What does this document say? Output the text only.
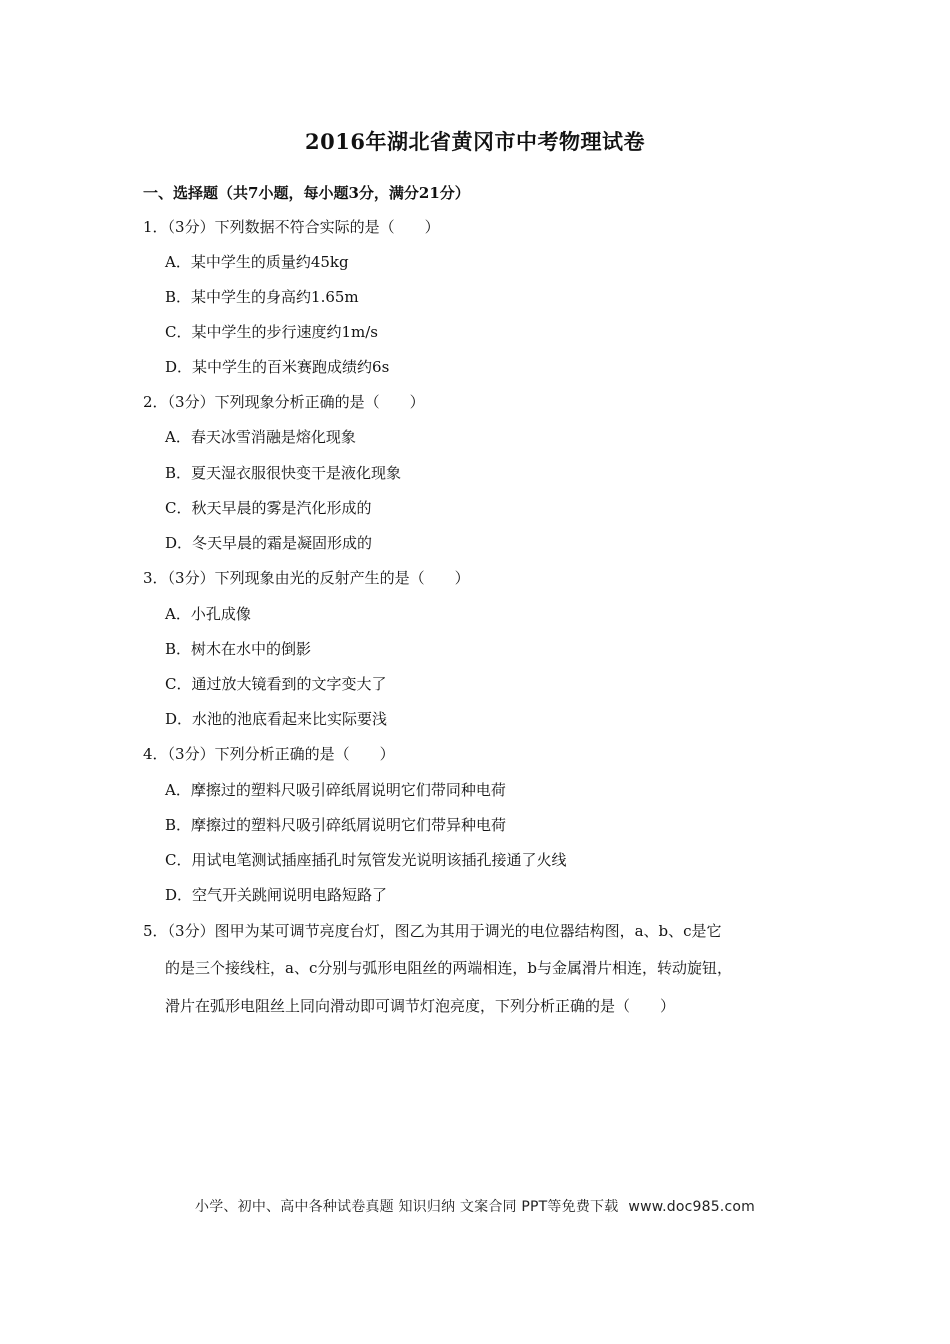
2016年湖北省黄冈市中考物理试卷
一、选择题（共7小题，每小题3分，满分21分）
1．（3分）下列数据不符合实际的是（　　）
A．某中学生的质量约45kg
B．某中学生的身高约1.65m
C．某中学生的步行速度约1m/s
D．某中学生的百米赛跑成绩约6s
2．（3分）下列现象分析正确的是（　　）
A．春天冰雪消融是熔化现象
B．夏天湿衣服很快变干是液化现象
C．秋天早晨的雾是汽化形成的
D．冬天早晨的霜是凝固形成的
3．（3分）下列现象由光的反射产生的是（　　）
A．小孔成像
B．树木在水中的倒影
C．通过放大镜看到的文字变大了
D．水池的池底看起来比实际要浅
4．（3分）下列分析正确的是（　　）
A．摩擦过的塑料尺吸引碎纸屑说明它们带同种电荷
B．摩擦过的塑料尺吸引碎纸屑说明它们带异种电荷
C．用试电笔测试插座插孔时氖管发光说明该插孔接通了火线
D．空气开关跳闸说明电路短路了
5．（3分）图甲为某可调节亮度台灯，图乙为其用于调光的电位器结构图，a、b、c是它
的是三个接线柱，a、c分别与弧形电阻丝的两端相连，b与金属滑片相连，转动旋钮，
滑片在弧形电阻丝上同向滑动即可调节灯泡亮度，下列分析正确的是（　　）
小学、初中、高中各种试卷真题 知识归纳 文案合同 PPT等免费下载 www.doc985.com
